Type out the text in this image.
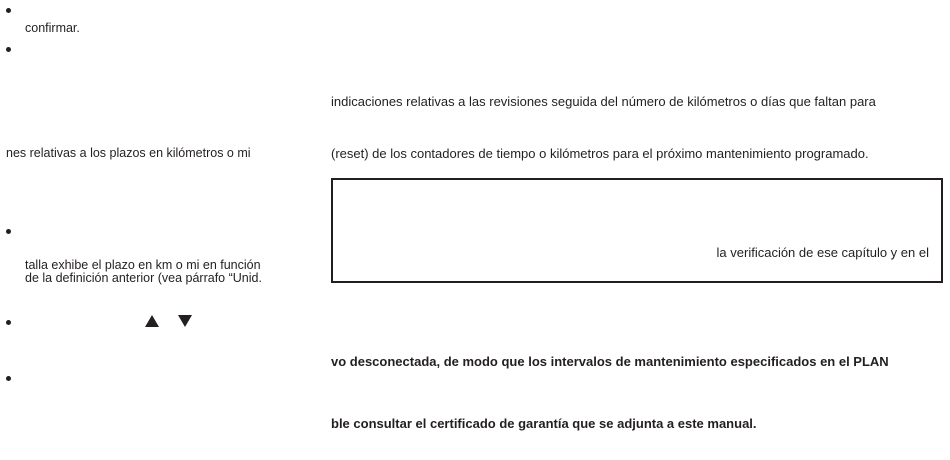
confirmar.
nes relativas a los plazos en kilómetros o mi
talla exhibe el plazo en km o mi en función
de la definición anterior (vea párrafo “Unid.
indicaciones relativas a las revisiones seguida del número de kilómetros o días que faltan para
(reset) de los contadores de tiempo o kilómetros para el próximo mantenimiento programado.
la verificación de ese capítulo y en el
vo desconectada, de modo que los intervalos de mantenimiento especificados en el PLAN
ble consultar el certificado de garantía que se adjunta a este manual.
